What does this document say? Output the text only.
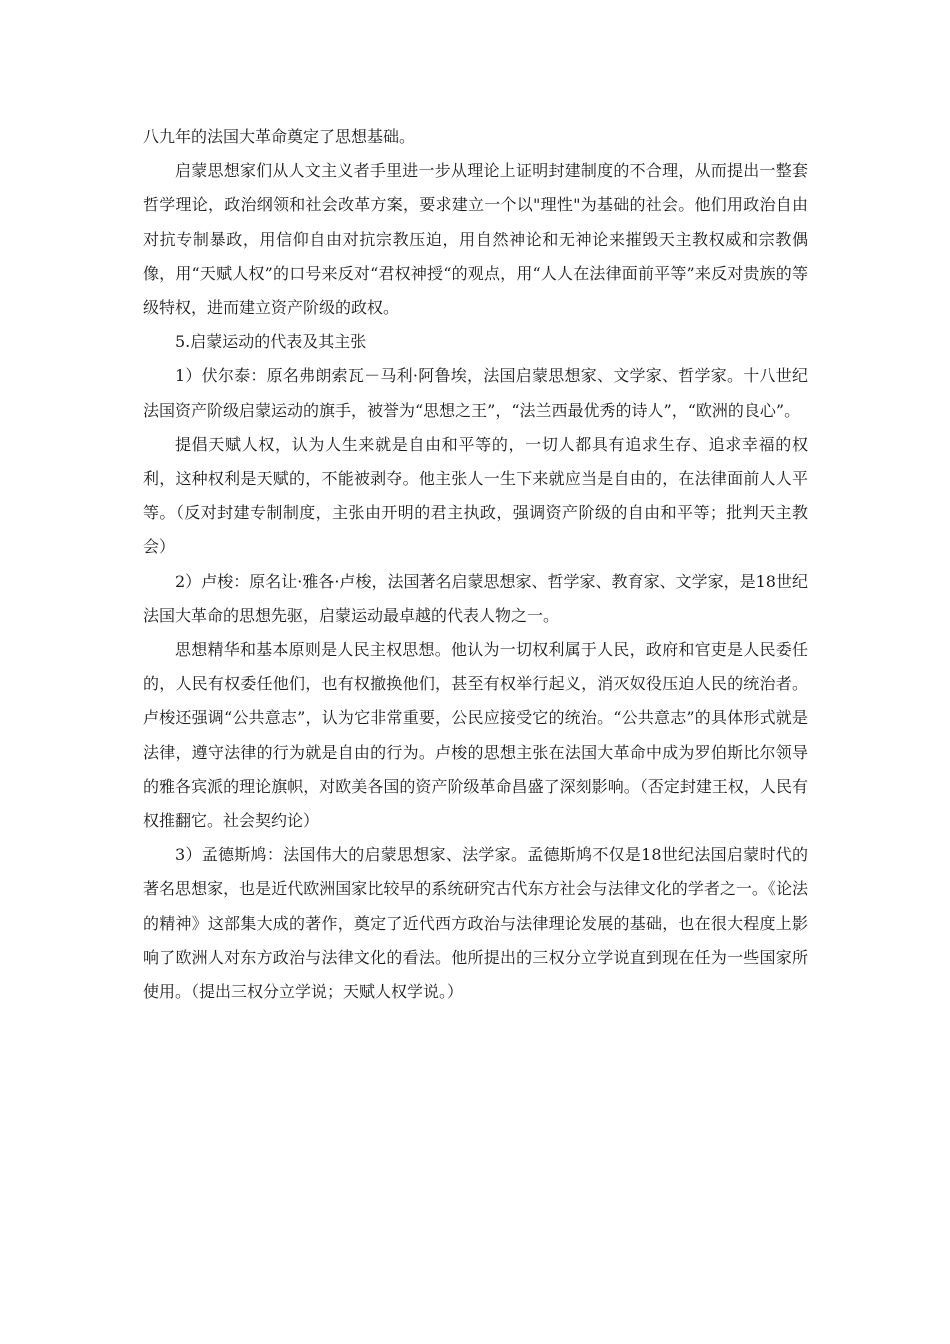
八九年的法国大革命奠定了思想基础。

启蒙思想家们从人文主义者手里进一步从理论上证明封建制度的不合理，从而提出一整套哲学理论，政治纲领和社会改革方案，要求建立一个以"理性"为基础的社会。他们用政治自由对抗专制暴政，用信仰自由对抗宗教压迫，用自然神论和无神论来摧毁天主教权威和宗教偶像，用“天赋人权”的口号来反对“君权神授“的观点，用“人人在法律面前平等”来反对贵族的等级特权，进而建立资产阶级的政权。

5.启蒙运动的代表及其主张

1）伏尔泰：原名弗朗索瓦－马利·阿鲁埃，法国启蒙思想家、文学家、哲学家。十八世纪法国资产阶级启蒙运动的旗手，被誉为“思想之王”，“法兰西最优秀的诗人”，“欧洲的良心”。

提倡天赋人权，认为人生来就是自由和平等的，一切人都具有追求生存、追求幸福的权利，这种权利是天赋的，不能被剥夺。他主张人一生下来就应当是自由的，在法律面前人人平等。（反对封建专制制度，主张由开明的君主执政，强调资产阶级的自由和平等；批判天主教会）

2）卢梭：原名让·雅各·卢梭，法国著名启蒙思想家、哲学家、教育家、文学家，是18世纪法国大革命的思想先驱，启蒙运动最卓越的代表人物之一。

思想精华和基本原则是人民主权思想。他认为一切权利属于人民，政府和官吏是人民委任的，人民有权委任他们，也有权撤换他们，甚至有权举行起义，消灭奴役压迫人民的统治者。卢梭还强调“公共意志”，认为它非常重要，公民应接受它的统治。“公共意志”的具体形式就是法律，遵守法律的行为就是自由的行为。卢梭的思想主张在法国大革命中成为罗伯斯比尔领导的雅各宾派的理论旗帜，对欧美各国的资产阶级革命昌盛了深刻影响。（否定封建王权，人民有权推翻它。社会契约论）

3）孟德斯鸠：法国伟大的启蒙思想家、法学家。孟德斯鸠不仅是18世纪法国启蒙时代的著名思想家，也是近代欧洲国家比较早的系统研究古代东方社会与法律文化的学者之一。《论法的精神》这部集大成的著作，奠定了近代西方政治与法律理论发展的基础，也在很大程度上影响了欧洲人对东方政治与法律文化的看法。他所提出的三权分立学说直到现在任为一些国家所使用。（提出三权分立学说；天赋人权学说。）
